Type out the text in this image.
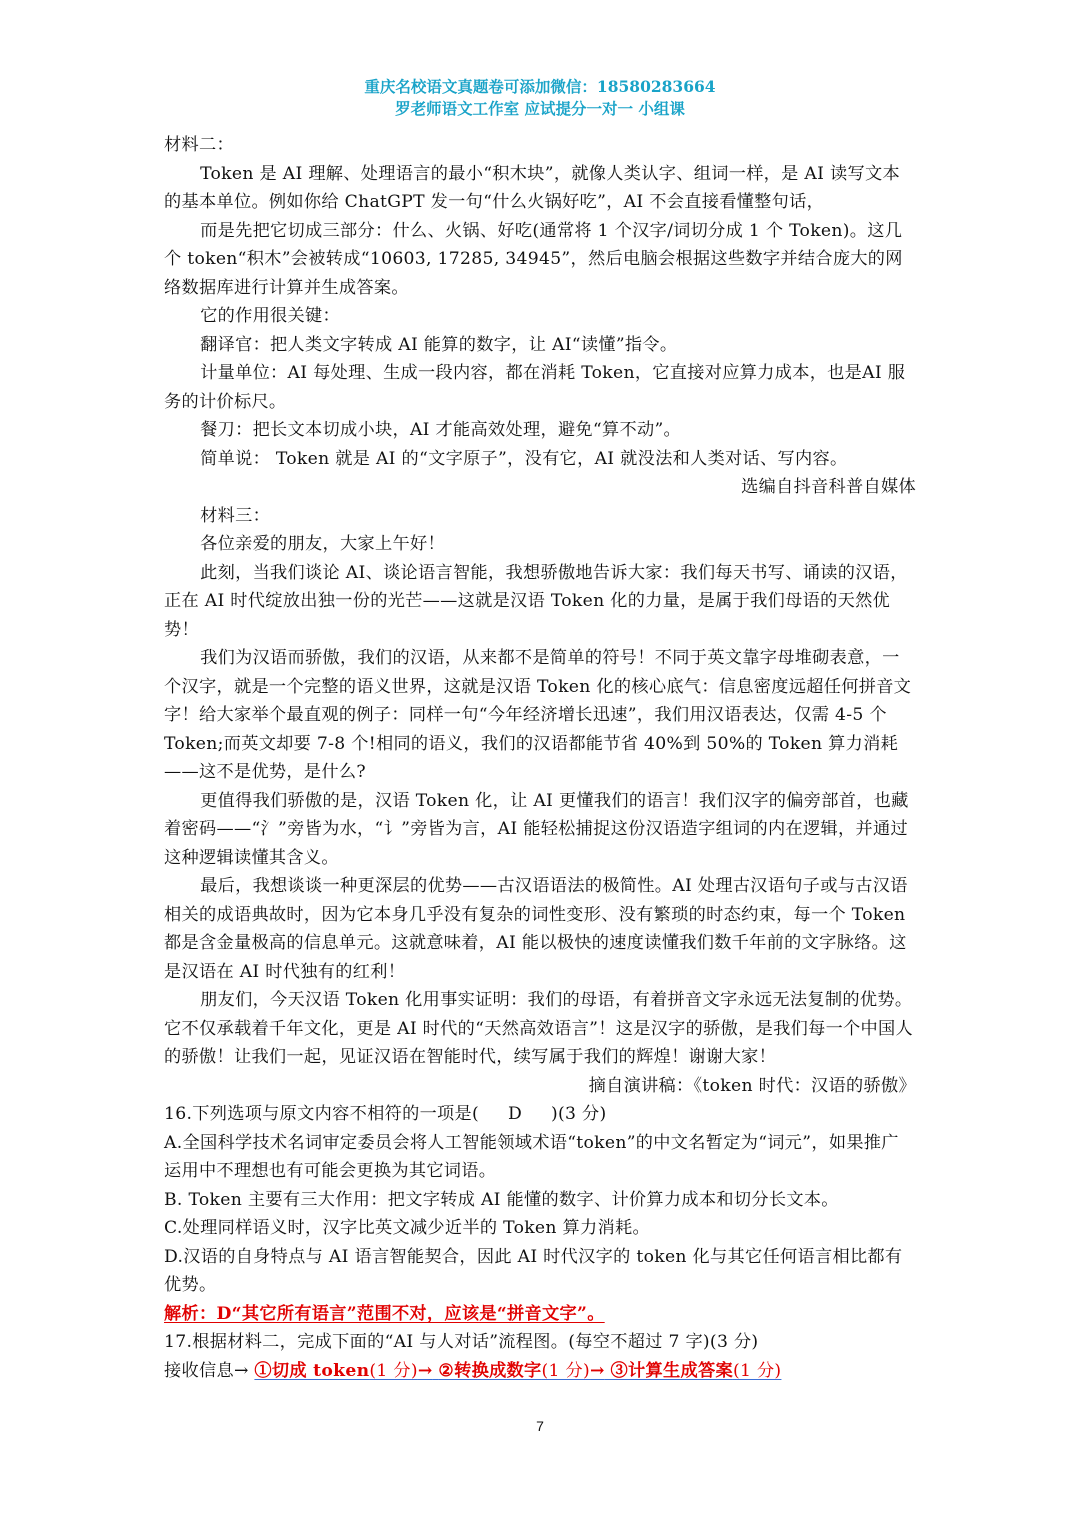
重庆名校语文真题卷可添加微信：18580283664
罗老师语文工作室 应试提分一对一 小组课

材料二：

Token 是 AI 理解、处理语言的最小“积木块”，就像人类认字、组词一样，是 AI 读写文本的基本单位。例如你给 ChatGPT 发一句“什么火锅好吃”，AI 不会直接看懂整句话，

而是先把它切成三部分：什么、火锅、好吃(通常将 1 个汉字/词切分成 1 个 Token)。这几个 token“积木”会被转成“10603, 17285, 34945”，然后电脑会根据这些数字并结合庞大的网络数据库进行计算并生成答案。

它的作用很关键：

翻译官：把人类文字转成 AI 能算的数字，让 AI“读懂”指令。

计量单位：AI 每处理、生成一段内容，都在消耗 Token，它直接对应算力成本，也是AI 服务的计价标尺。

餐刀：把长文本切成小块，AI 才能高效处理，避免“算不动”。

简单说： Token 就是 AI 的“文字原子”，没有它，AI 就没法和人类对话、写内容。

选编自抖音科普自媒体

材料三：

各位亲爱的朋友，大家上午好！

此刻，当我们谈论 AI、谈论语言智能，我想骄傲地告诉大家：我们每天书写、诵读的汉语，正在 AI 时代绽放出独一份的光芒——这就是汉语 Token 化的力量，是属于我们母语的天然优势！

我们为汉语而骄傲，我们的汉语，从来都不是简单的符号！不同于英文靠字母堆砌表意，一个汉字，就是一个完整的语义世界，这就是汉语 Token 化的核心底气：信息密度远超任何拼音文字！给大家举个最直观的例子：同样一句“今年经济增长迅速”，我们用汉语表达，仅需 4-5 个 Token;而英文却要 7-8 个!相同的语义，我们的汉语都能节省 40%到 50%的 Token 算力消耗——这不是优势，是什么?

更值得我们骄傲的是，汉语 Token 化，让 AI 更懂我们的语言！我们汉字的偏旁部首，也藏着密码——“氵”旁皆为水，“讠”旁皆为言，AI 能轻松捕捉这份汉语造字组词的内在逻辑，并通过这种逻辑读懂其含义。

最后，我想谈谈一种更深层的优势——古汉语语法的极简性。AI 处理古汉语句子或与古汉语相关的成语典故时，因为它本身几乎没有复杂的词性变形、没有繁琐的时态约束，每一个 Token 都是含金量极高的信息单元。这就意味着，AI 能以极快的速度读懂我们数千年前的文字脉络。这是汉语在 AI 时代独有的红利！

朋友们，今天汉语 Token 化用事实证明：我们的母语，有着拼音文字永远无法复制的优势。它不仅承载着千年文化，更是 AI 时代的“天然高效语言”！这是汉字的骄傲，是我们每一个中国人的骄傲！让我们一起，见证汉语在智能时代，续写属于我们的辉煌！谢谢大家！

摘自演讲稿：《token 时代：汉语的骄傲》

16.下列选项与原文内容不相符的一项是( D )(3 分)

A.全国科学技术名词审定委员会将人工智能领域术语“token”的中文名暂定为“词元”，如果推广运用中不理想也有可能会更换为其它词语。

B. Token 主要有三大作用：把文字转成 AI 能懂的数字、计价算力成本和切分长文本。

C.处理同样语义时，汉字比英文减少近半的 Token 算力消耗。

D.汉语的自身特点与 AI 语言智能契合，因此 AI 时代汉字的 token 化与其它任何语言相比都有优势。

解析：D“其它所有语言”范围不对，应该是“拼音文字”。

17.根据材料二，完成下面的“AI 与人对话”流程图。(每空不超过 7 字)(3 分)

接收信息→ ①切成 token(1 分)→ ②转换成数字(1 分)→ ③计算生成答案(1 分)

7
